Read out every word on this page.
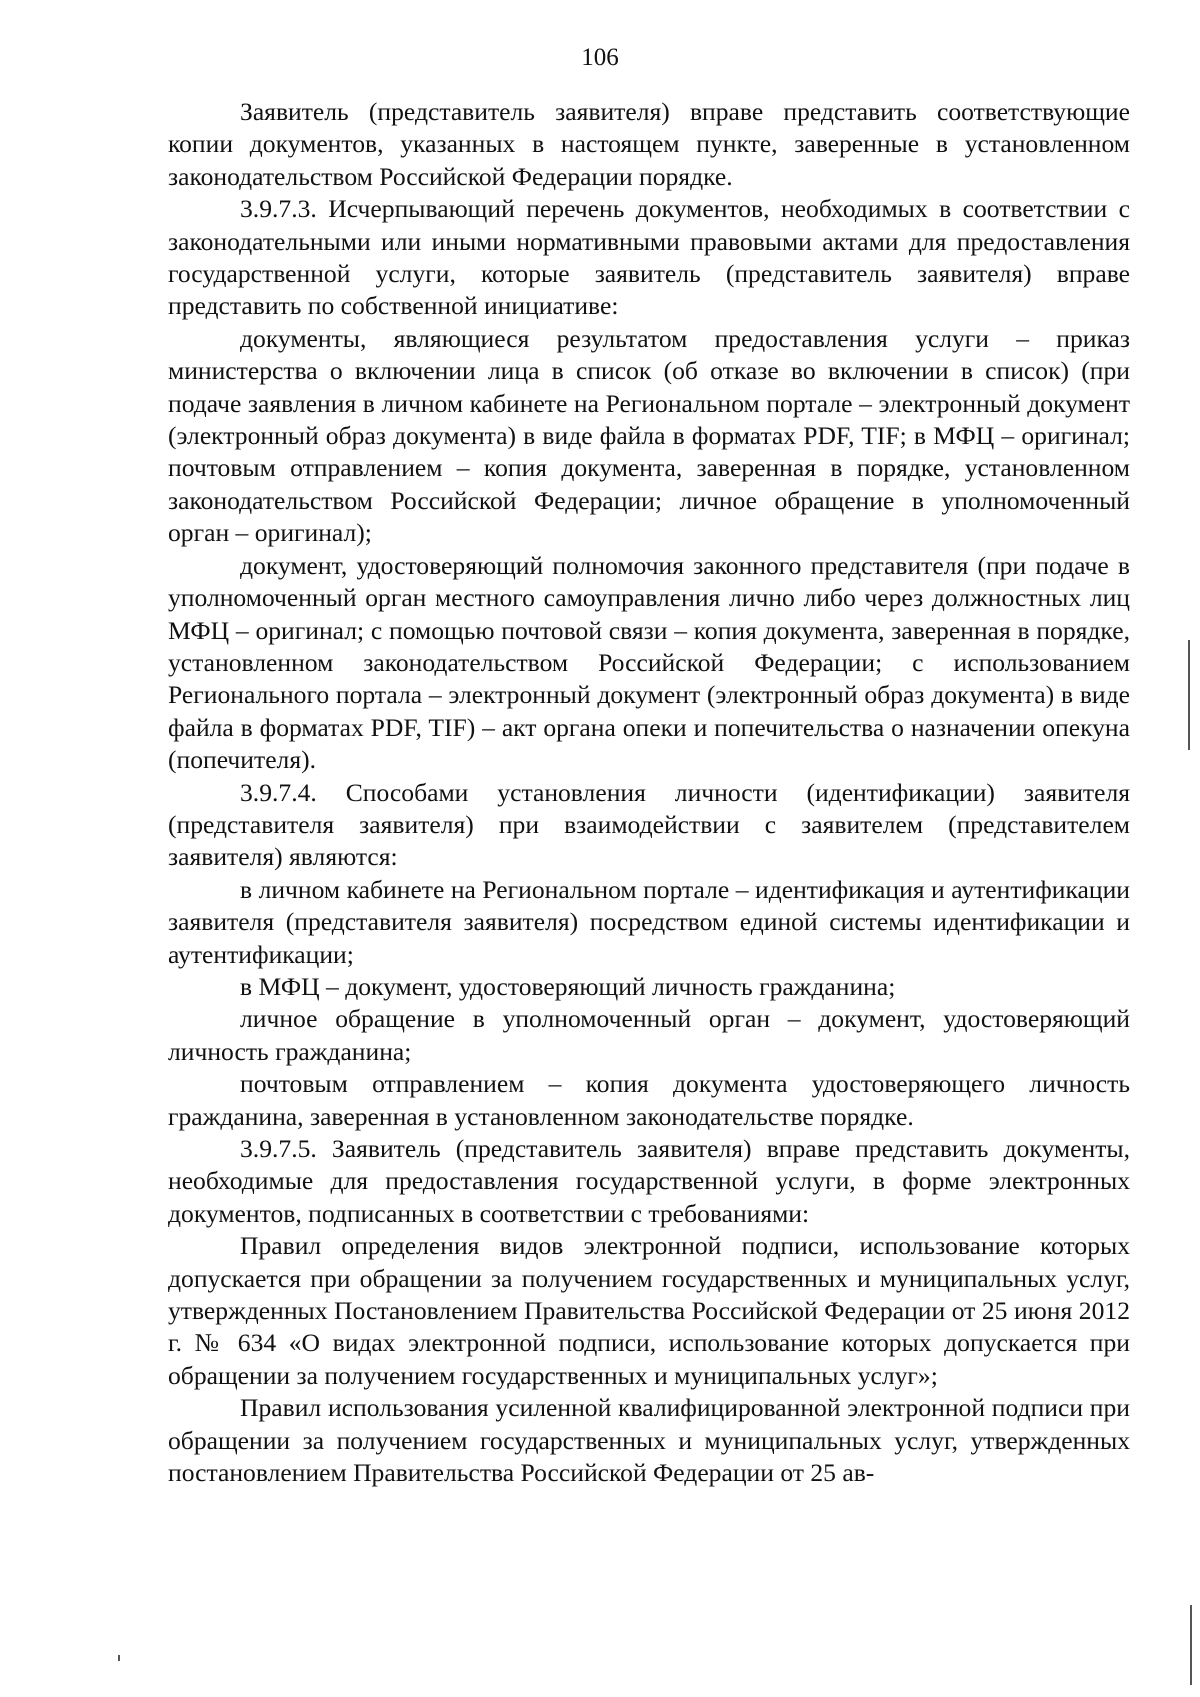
106

Заявитель (представитель заявителя) вправе представить соответствующие копии документов, указанных в настоящем пункте, заверенные в установленном законодательством Российской Федерации порядке.

3.9.7.3. Исчерпывающий перечень документов, необходимых в соответствии с законодательными или иными нормативными правовыми актами для предоставления государственной услуги, которые заявитель (представитель заявителя) вправе представить по собственной инициативе:

документы, являющиеся результатом предоставления услуги – приказ министерства о включении лица в список (об отказе во включении в список) (при подаче заявления в личном кабинете на Региональном портале – электронный документ (электронный образ документа) в виде файла в форматах PDF, TIF; в МФЦ – оригинал; почтовым отправлением – копия документа, заверенная в порядке, установленном законодательством Российской Федерации; личное обращение в уполномоченный орган – оригинал);

документ, удостоверяющий полномочия законного представителя (при подаче в уполномоченный орган местного самоуправления лично либо через должностных лиц МФЦ – оригинал; с помощью почтовой связи – копия документа, заверенная в порядке, установленном законодательством Российской Федерации; с использованием Регионального портала – электронный документ (электронный образ документа) в виде файла в форматах PDF, TIF) – акт органа опеки и попечительства о назначении опекуна (попечителя).

3.9.7.4. Способами установления личности (идентификации) заявителя (представителя заявителя) при взаимодействии с заявителем (представителем заявителя) являются:

в личном кабинете на Региональном портале – идентификация и аутентификации заявителя (представителя заявителя) посредством единой системы идентификации и аутентификации;

в МФЦ – документ, удостоверяющий личность гражданина;

личное обращение в уполномоченный орган – документ, удостоверяющий личность гражданина;

почтовым отправлением – копия документа удостоверяющего личность гражданина, заверенная в установленном законодательстве порядке.

3.9.7.5. Заявитель (представитель заявителя) вправе представить документы, необходимые для предоставления государственной услуги, в форме электронных документов, подписанных в соответствии с требованиями:

Правил определения видов электронной подписи, использование которых допускается при обращении за получением государственных и муниципальных услуг, утвержденных Постановлением Правительства Российской Федерации от 25 июня 2012 г. № 634 «О видах электронной подписи, использование которых допускается при обращении за получением государственных и муниципальных услуг»;

Правил использования усиленной квалифицированной электронной подписи при обращении за получением государственных и муниципальных услуг, утвержденных постановлением Правительства Российской Федерации от 25 ав-
